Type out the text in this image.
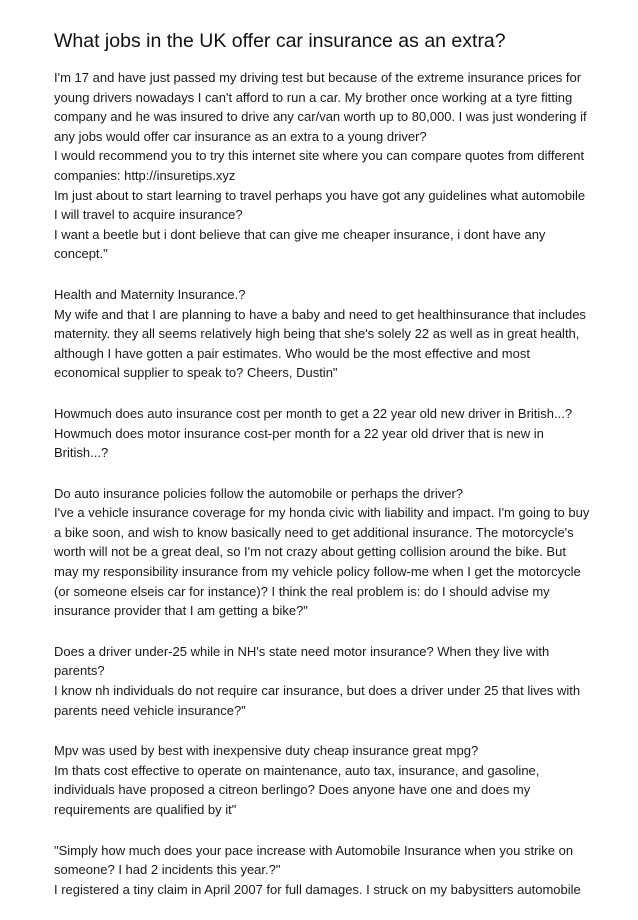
What jobs in the UK offer car insurance as an extra?
I'm 17 and have just passed my driving test but because of the extreme insurance prices for
young drivers nowadays I can't afford to run a car. My brother once working at a tyre fitting
company and he was insured to drive any car/van worth up to 80,000. I was just wondering if
any jobs would offer car insurance as an extra to a young driver?
I would recommend you to try this internet site where you can compare quotes from different
companies: http://insuretips.xyz
Im just about to start learning to travel perhaps you have got any guidelines what automobile
I will travel to acquire insurance?
I want a beetle but i dont believe that can give me cheaper insurance, i dont have any
concept."
Health and Maternity Insurance.?
My wife and that I are planning to have a baby and need to get healthinsurance that includes
maternity. they all seems relatively high being that she's solely 22 as well as in great health,
although I have gotten a pair estimates. Who would be the most effective and most
economical supplier to speak to? Cheers, Dustin"
Howmuch does auto insurance cost per month to get a 22 year old new driver in British...?
Howmuch does motor insurance cost-per month for a 22 year old driver that is new in
British...?
Do auto insurance policies follow the automobile or perhaps the driver?
I've a vehicle insurance coverage for my honda civic with liability and impact. I'm going to buy
a bike soon, and wish to know basically need to get additional insurance. The motorcycle's
worth will not be a great deal, so I'm not crazy about getting collision around the bike. But
may my responsibility insurance from my vehicle policy follow-me when I get the motorcycle
(or someone elseis car for instance)? I think the real problem is: do I should advise my
insurance provider that I am getting a bike?"
Does a driver under-25 while in NH's state need motor insurance? When they live with
parents?
I know nh individuals do not require car insurance, but does a driver under 25 that lives with
parents need vehicle insurance?"
Mpv was used by best with inexpensive duty cheap insurance great mpg?
Im thats cost effective to operate on maintenance, auto tax, insurance, and gasoline,
individuals have proposed a citreon berlingo? Does anyone have one and does my
requirements are qualified by it"
"Simply how much does your pace increase with Automobile Insurance when you strike on
someone? I had 2 incidents this year.?"
I registered a tiny claim in April 2007 for full damages. I struck on my babysitters automobile
